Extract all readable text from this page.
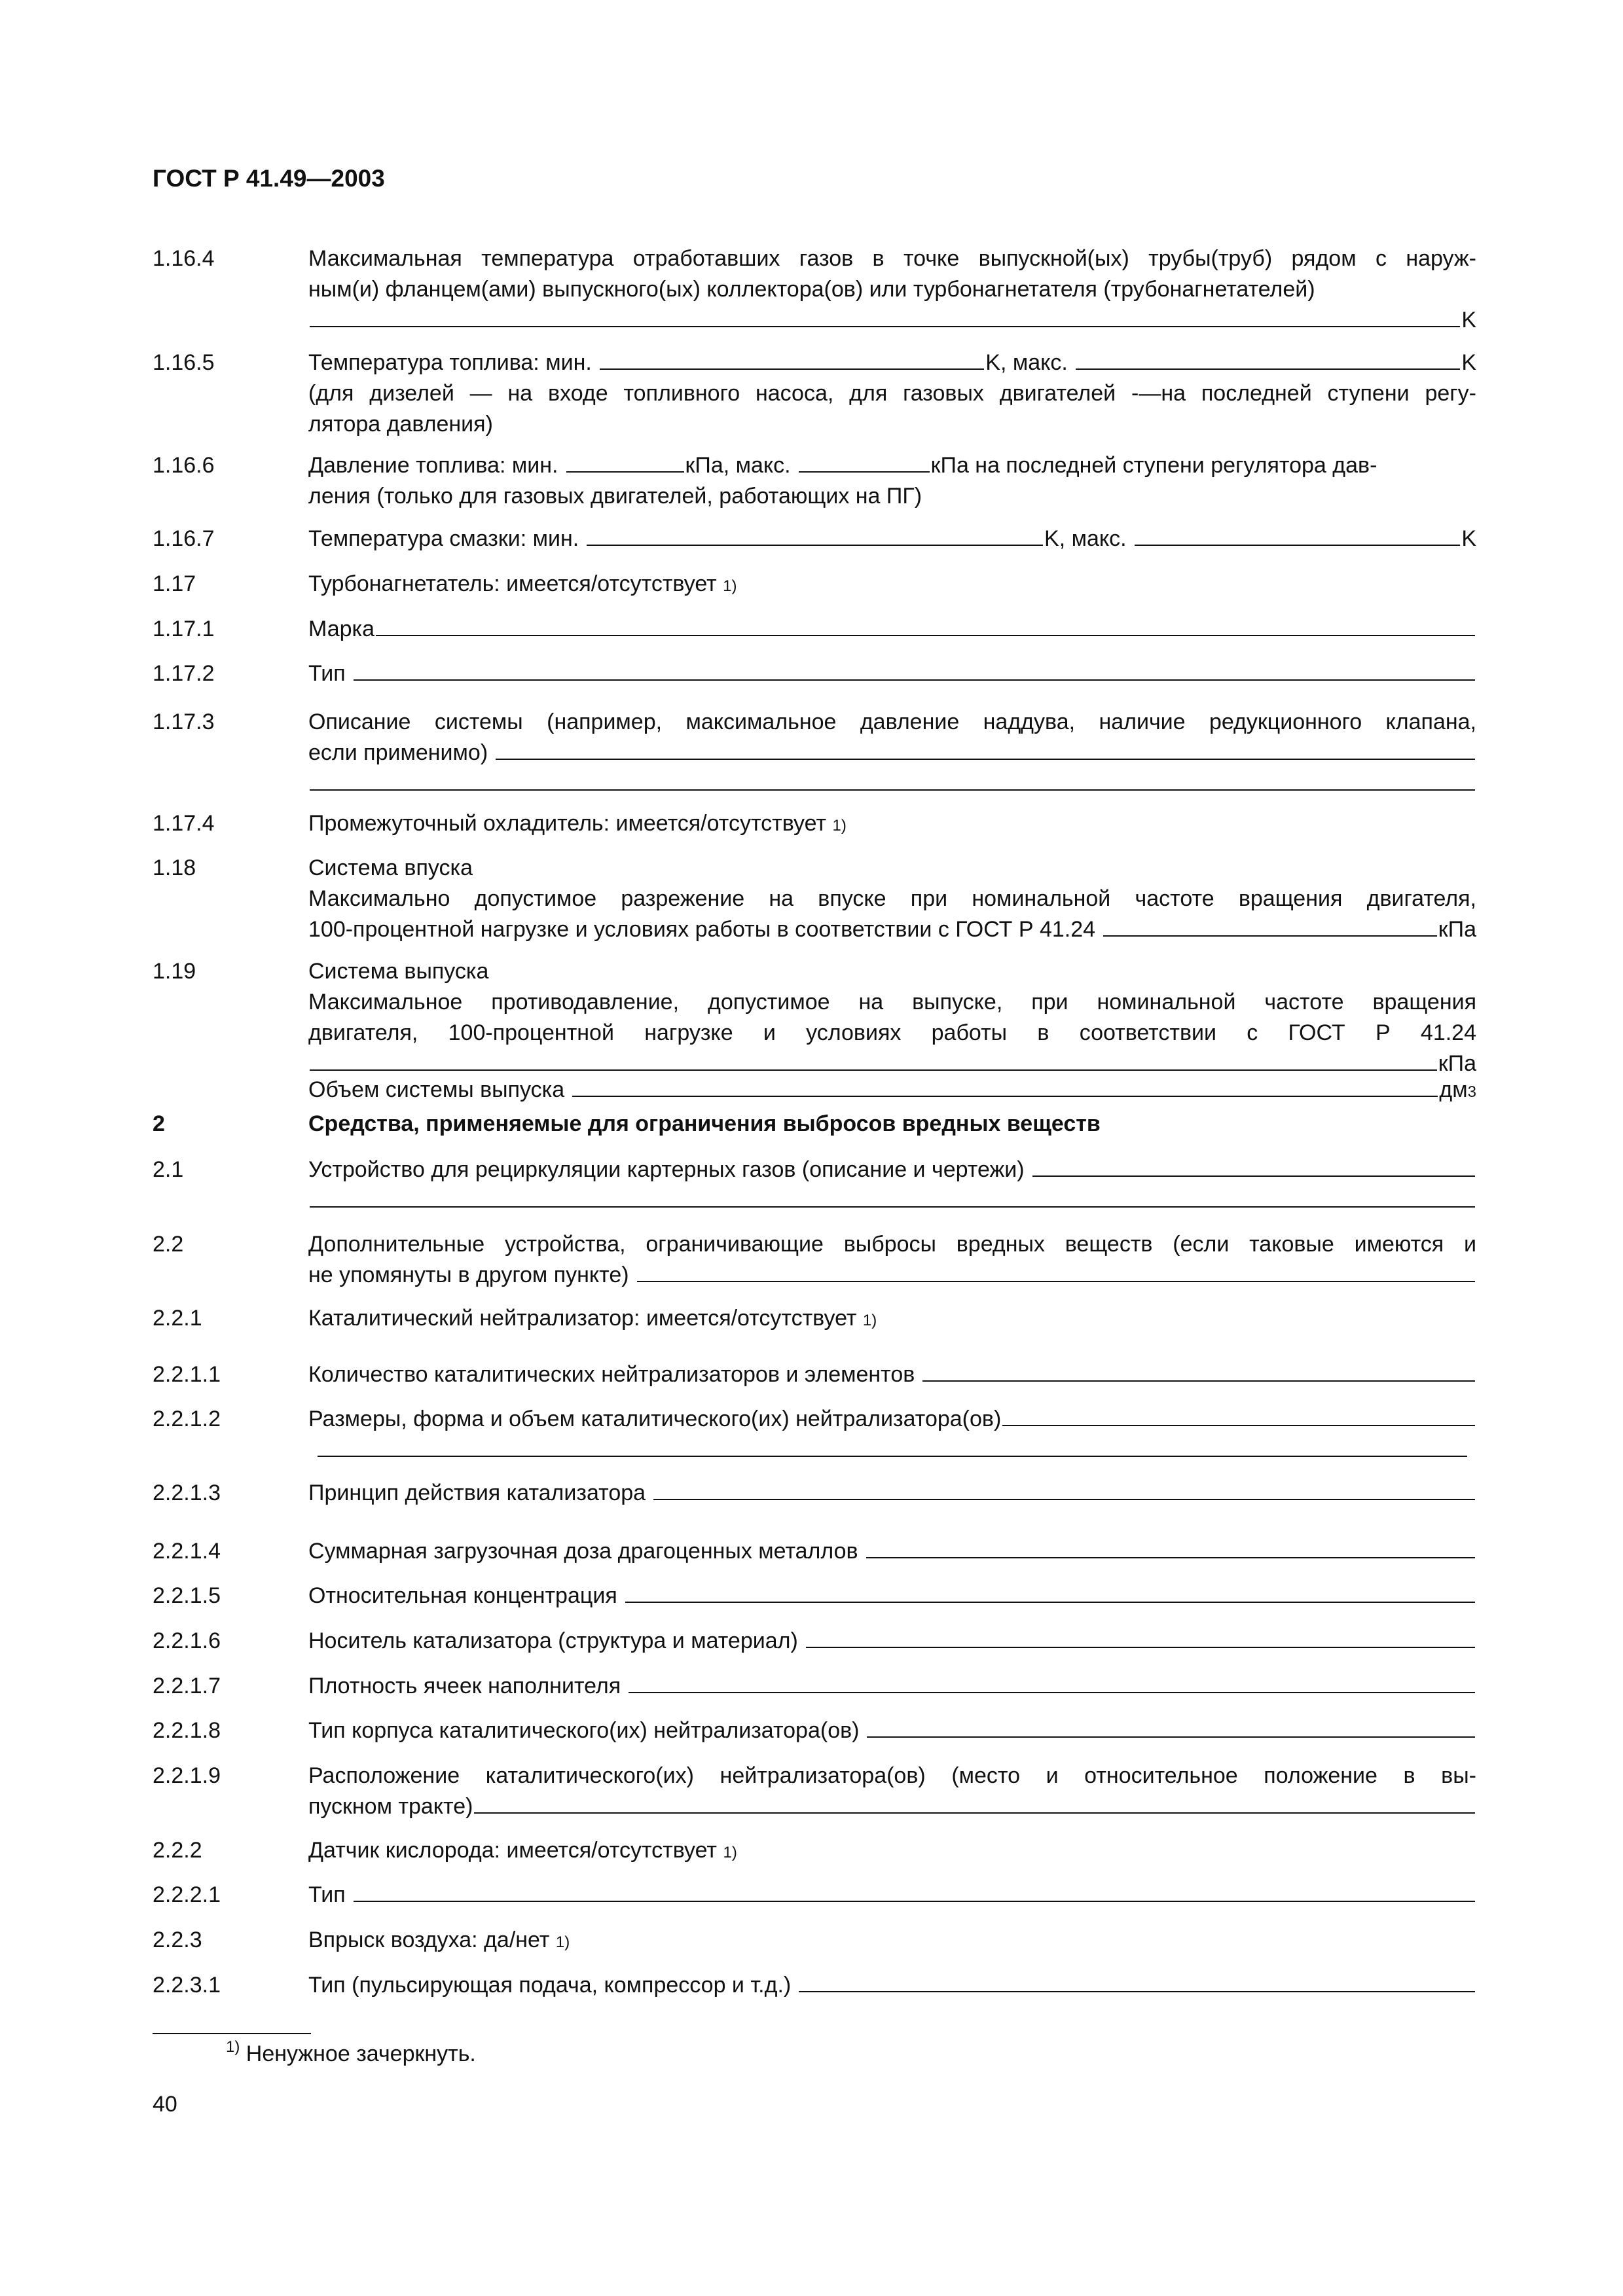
ГОСТ Р 41.49—2003
1.16.4	Максимальная температура отработавших газов в точке выпускной(ых) трубы(труб) рядом с наруж-
ным(и) фланцем(ами) выпускного(ых) коллектора(ов) или турбонагнетателя (трубонагнетателей)
K
1.16.5	Температура топлива: мин.	K, макс.	K
(для дизелей — на входе топливного насоса, для газовых двигателей -—на последней ступени регу-
лятора давления)
1.16.6	Давление топлива: мин.	кПа, макс.	кПа на последней ступени регулятора дав-
ления (только для газовых двигателей, работающих на ПГ)
1.16.7	Температура смазки: мин.	K, макс.	K
1.17	Турбонагнетатель: имеется/отсутствует
1)
1.17.1	Марка
1.17.2	Тип
1.17.3	Описание системы (например, максимальное давление наддува, наличие редукционного клапана,
если применимо)
1.17.4	Промежуточный охладитель: имеется/отсутствует
1)
1.18	Система впуска
Максимально допустимое разрежение на впуске при номинальной частоте вращения двигателя,
100-процентной нагрузке и условиях работы в соответствии с ГОСТ Р 41.24	кПа
1.19	Система выпуска
Максимальное противодавление, допустимое на выпуске, при номинальной частоте вращения
двигателя, 100-процентной нагрузке и условиях работы в соответствии с ГОСТ Р 41.24
кПа
Объем системы выпуска	дм 3
2	Средства, применяемые для ограничения выбросов вредных веществ
2.1	Устройство для рециркуляции картерных газов (описание и чертежи)
2.2	Дополнительные устройства, ограничивающие выбросы вредных веществ (если таковые имеются и
не упомянуты в другом пункте)
2.2.1	Каталитический нейтрализатор: имеется/отсутствует
1)
2.2.1.1	Количество каталитических нейтрализаторов и элементов
2.2.1.2	Размеры, форма и объем каталитического(их) нейтрализатора(ов)
2.2.1.3	Принцип действия катализатора
2.2.1.4	Суммарная загрузочная доза драгоценных металлов
2.2.1.5	Относительная концентрация
2.2.1.6	Носитель катализатора (структура и материал)
2.2.1.7	Плотность ячеек наполнителя
2.2.1.8	Тип корпуса каталитического(их) нейтрализатора(ов)
2.2.1.9	Расположение каталитического(их) нейтрализатора(ов) (место и относительное положение в вы-
пускном тракте)
2.2.2	Датчик кислорода: имеется/отсутствует
1)
2.2.2.1	Тип
2.2.3	Впрыск воздуха: да/нет
1)
2.2.3.1	Тип (пульсирующая подача, компрессор и т.д.)
$^{1)}$ Ненужное зачеркнуть.
40
